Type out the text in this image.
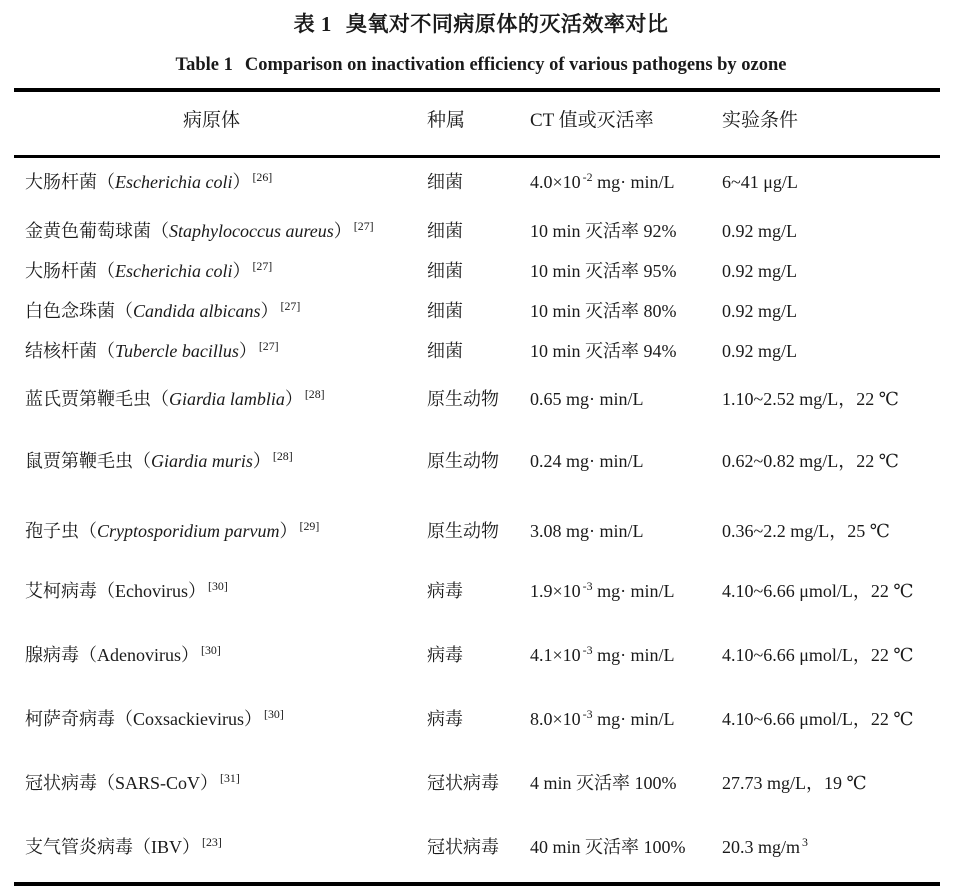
表 1 臭氧对不同病原体的灭活效率对比
Table 1 Comparison on inactivation efficiency of various pathogens by ozone
病原体	种属	CT 值或灭活率	实验条件
大肠杆菌（Escherichia coli） [26]	细菌	4.0×10 $^{-2}$ mg· min/L	6~41 μg/L
金黄色葡萄球菌（Staphylococcus aureus） [27]	细菌	10 min 灭活率 92%	0.92 mg/L
大肠杆菌（Escherichia coli） [27]	细菌	10 min 灭活率 95%	0.92 mg/L
白色念珠菌（Candida albicans） [27]	细菌	10 min 灭活率 80%	0.92 mg/L
结核杆菌（Tubercle bacillus） [27]	细菌	10 min 灭活率 94%	0.92 mg/L
蓝氏贾第鞭毛虫（Giardia lamblia） [28]	原生动物	0.65 mg· min/L	1.10~2.52 mg/L，22 ℃
鼠贾第鞭毛虫（Giardia muris） [28]	原生动物	0.24 mg· min/L	0.62~0.82 mg/L，22 ℃
孢子虫（Cryptosporidium parvum） [29]	原生动物	3.08 mg· min/L	0.36~2.2 mg/L，25 ℃
艾柯病毒（Echovirus） [30]	病毒	1.9×10 $^{-3}$ mg· min/L	4.10~6.66 μmol/L，22 ℃
腺病毒（Adenovirus） [30]	病毒	4.1×10 $^{-3}$ mg· min/L	4.10~6.66 μmol/L，22 ℃
柯萨奇病毒（Coxsackievirus） [30]	病毒	8.0×10 $^{-3}$ mg· min/L	4.10~6.66 μmol/L，22 ℃
冠状病毒（SARS-CoV） [31]	冠状病毒	4 min 灭活率 100%	27.73 mg/L，19 ℃
支气管炎病毒（IBV） [23]	冠状病毒	40 min 灭活率 100%	20.3 mg/m $^3$
